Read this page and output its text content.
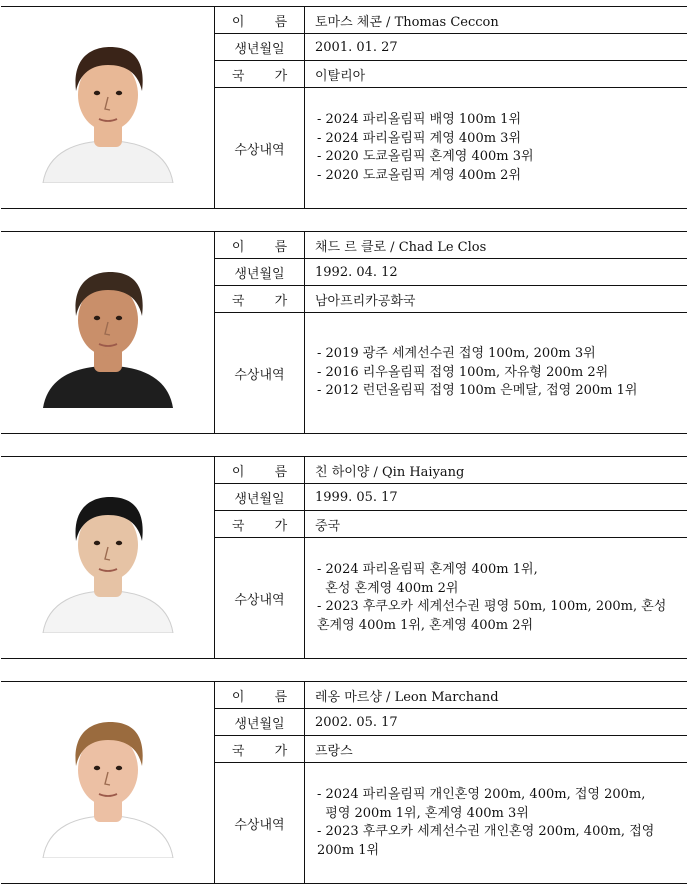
이 름 토마스 체콘 / Thomas Ceccon
생년월일 2001. 01. 27
국 가 이탈리아
수상내역
- 2024 파리올림픽 배영 100m 1위
- 2024 파리올림픽 계영 400m 3위
- 2020 도쿄올림픽 혼계영 400m 3위
- 2020 도쿄올림픽 계영 400m 2위
이 름 채드 르 클로 / Chad Le Clos
생년월일 1992. 04. 12
국 가 남아프리카공화국
수상내역
- 2019 광주 세계선수권 접영 100m, 200m 3위
- 2016 리우올림픽 접영 100m, 자유형 200m 2위
- 2012 런던올림픽 접영 100m 은메달, 접영 200m 1위
이 름 친 하이양 / Qin Haiyang
생년월일 1999. 05. 17
국 가 중국
수상내역
- 2024 파리올림픽 혼계영 400m 1위,
혼성 혼계영 400m 2위
- 2023 후쿠오카 세계선수권 평영 50m, 100m, 200m, 혼성 혼계영 400m 1위, 혼계영 400m 2위
이 름 레옹 마르샹 / Leon Marchand
생년월일 2002. 05. 17
국 가 프랑스
수상내역
- 2024 파리올림픽 개인혼영 200m, 400m, 접영 200m,
평영 200m 1위, 혼계영 400m 3위
- 2023 후쿠오카 세계선수권 개인혼영 200m, 400m, 접영 200m 1위
